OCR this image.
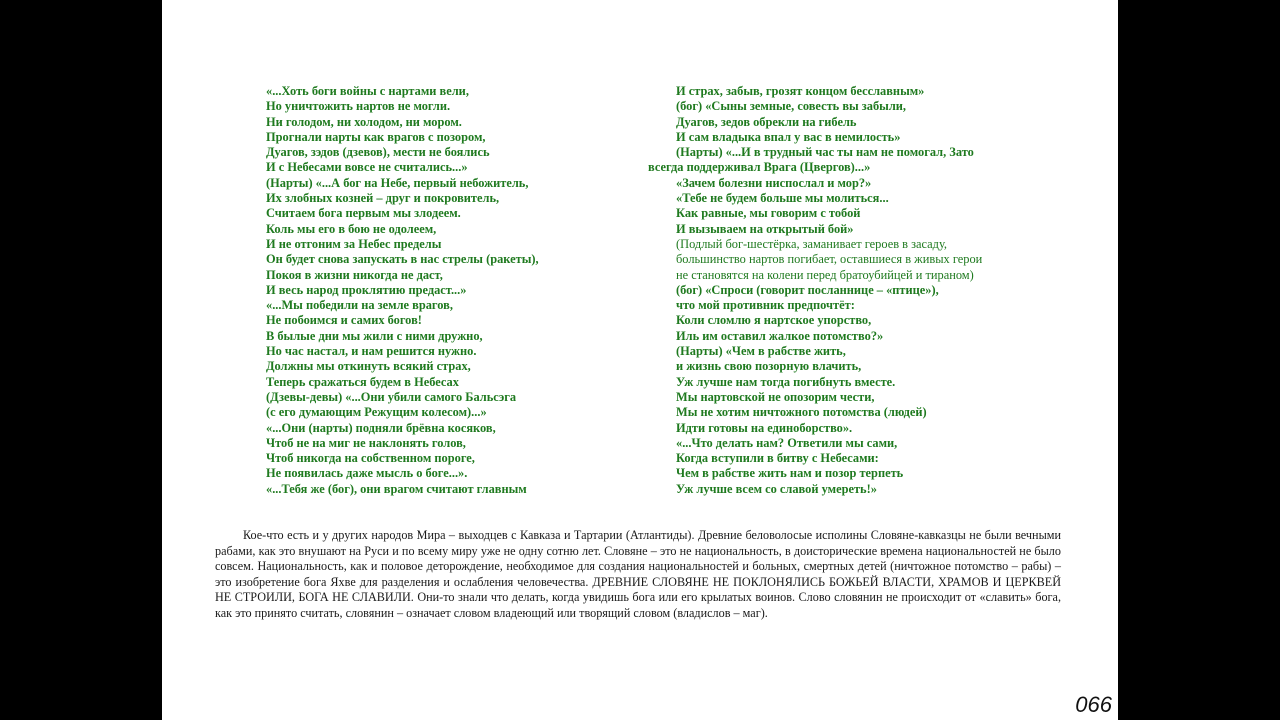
«...Хоть боги войны с нартами вели,
Но уничтожить нартов не могли.
Ни голодом, ни холодом, ни мором.
Прогнали нарты как врагов с позором,
Дуагов, зэдов (дзевов), мести не боялись
И с Небесами вовсе не считались...»
(Нарты) «...А бог на Небе, первый небожитель,
Их злобных козней – друг и покровитель,
Считаем бога первым мы злодеем.
Коль мы его в бою не одолеем,
И не отгоним за Небес пределы
Он будет снова запускать в нас стрелы (ракеты),
Покоя в жизни никогда не даст,
И весь народ проклятию предаст...»
«...Мы победили на земле врагов,
Не побоимся и самих богов!
В былые дни мы жили с ними дружно,
Но час настал, и нам решится нужно.
Должны мы откинуть всякий страх,
Теперь сражаться будем в Небесах
(Дзевы-девы) «...Они убили самого Бальсэга
(с его думающим Режущим колесом)...»
«...Они (нарты) подняли брёвна косяков,
Чтоб не на миг не наклонять голов,
Чтоб никогда на собственном пороге,
Не появилась даже мысль о боге...».
«...Тебя же (бог), они врагом считают главным
И страх, забыв, грозят концом бесславным»
(бог) «Сыны земные, совесть вы забыли,
Дуагов, зедов обрекли на гибель
И сам владыка впал у вас в немилость»
(Нарты) «...И в трудный час ты нам не помогал, Зато
всегда поддерживал Врага (Цвергов)...»
«Зачем болезни ниспослал и мор?»
«Тебе не будем больше мы молиться...
Как равные, мы говорим с тобой
И вызываем на открытый бой»
(Подлый бог-шестёрка, заманивает героев в засаду,
большинство нартов погибает, оставшиеся в живых герои
не становятся на колени перед братоубийцей и тираном)
(бог) «Спроси (говорит посланнице – «птице»),
что мой противник предпочтёт:
Коли сломлю я нартское упорство,
Иль им оставил жалкое потомство?»
(Нарты) «Чем в рабстве жить,
и жизнь свою позорную влачить,
Уж лучше нам тогда погибнуть вместе.
Мы нартовской не опозорим чести,
Мы не хотим ничтожного потомства (людей)
Идти готовы на единоборство».
«...Что делать нам? Ответили мы сами,
Когда вступили в битву с Небесами:
Чем в рабстве жить нам и позор терпеть
Уж лучше всем со славой умереть!»

Кое-что есть и у других народов Мира – выходцев с Кавказа и Тартарии (Атлантиды). Древние беловолосые исполины Словяне-кавказцы не были вечными рабами, как это внушают на Руси и по всему миру уже не одну сотню лет. Словяне – это не национальность, в доисторические времена национальностей не было совсем. Национальность, как и половое деторождение, необходимое для создания национальностей и больных, смертных детей (ничтожное потомство – рабы) – это изобретение бога Яхве для разделения и ослабления человечества. ДРЕВНИЕ СЛОВЯНЕ НЕ ПОКЛОНЯЛИСЬ БОЖЬЕЙ ВЛАСТИ, ХРАМОВ И ЦЕРКВЕЙ НЕ СТРОИЛИ, БОГА НЕ СЛАВИЛИ. Они-то знали что делать, когда увидишь бога или его крылатых воинов. Слово словянин не происходит от «славить» бога, как это принято считать, словянин – означает словом владеющий или творящий словом (владислов – маг).

066
